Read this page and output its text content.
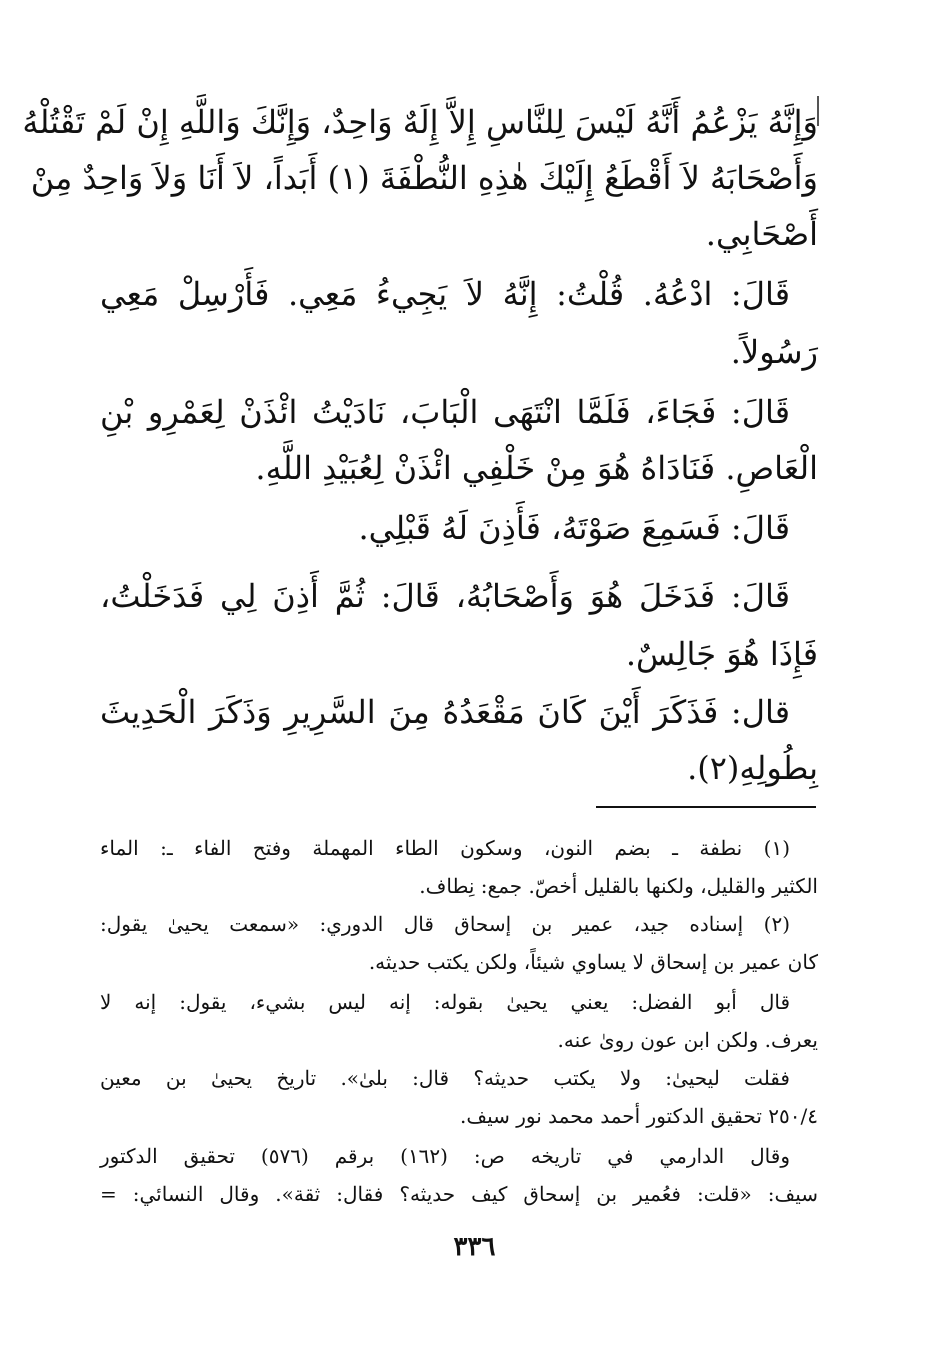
وَإِنَّهُ يَزْعُمُ أَنَّهُ لَيْسَ لِلنَّاسِ إِلاَّ إِلَهٌ وَاحِدٌ، وَإِنَّكَ وَاللَّهِ إِنْ لَمْ تَقْتُلْهُ
وَأَصْحَابَهُ لاَ أَقْطَعُ إِلَيْكَ هٰذِهِ النُّطْفَةَ (١) أَبَداً، لاَ أَنَا وَلاَ وَاحِدٌ مِنْ
أَصْحَابِي.
قَالَ: ادْعُهُ. قُلْتُ: إِنَّهُ لاَ يَجِيءُ مَعِي. فَأَرْسِلْ مَعِي
رَسُولاً.
قَالَ: فَجَاءَ، فَلَمَّا انْتَهَى الْبَابَ، نَادَيْتُ ائْذَنْ لِعَمْرِو بْنِ
الْعَاصِ. فَنَادَاهُ هُوَ مِنْ خَلْفِي ائْذَنْ لِعُبَيْدِ اللَّهِ.
قَالَ: فَسَمِعَ صَوْتَهُ، فَأَذِنَ لَهُ قَبْلِي.
قَالَ: فَدَخَلَ هُوَ وَأَصْحَابُهُ، قَالَ: ثُمَّ أَذِنَ لِي فَدَخَلْتُ،
فَإِذَا هُوَ جَالِسٌ.
قال: فَذَكَرَ أَيْنَ كَانَ مَقْعَدُهُ مِنَ السَّرِيرِ وَذَكَرَ الْحَدِيثَ
بِطُولِهِ(٢).
(١) نطفة ـ بضم النون، وسكون الطاء المهملة وفتح الفاء ـ: الماء
الكثير والقليل، ولكنها بالقليل أخصّ. جمع: نِطاف.
(٢) إسناده جيد، عمير بن إسحاق قال الدوري: «سمعت يحيىٰ يقول:
كان عمير بن إسحاق لا يساوي شيئاً، ولكن يكتب حديثه.
قال أبو الفضل: يعني يحيىٰ بقوله: إنه ليس بشيء، يقول: إنه لا
يعرف. ولكن ابن عون روىٰ عنه.
فقلت ليحيىٰ: ولا يكتب حديثه؟ قال: بلىٰ». تاريخ يحيىٰ بن معين
٢٥٠/٤ تحقيق الدكتور أحمد محمد نور سيف.
وقال الدارمي في تاريخه ص: (١٦٢) برقم (٥٧٦) تحقيق الدكتور
سيف: «قلت: فعُمير بن إسحاق كيف حديثه؟ فقال: ثقة». وقال النسائي: =
٣٣٦
